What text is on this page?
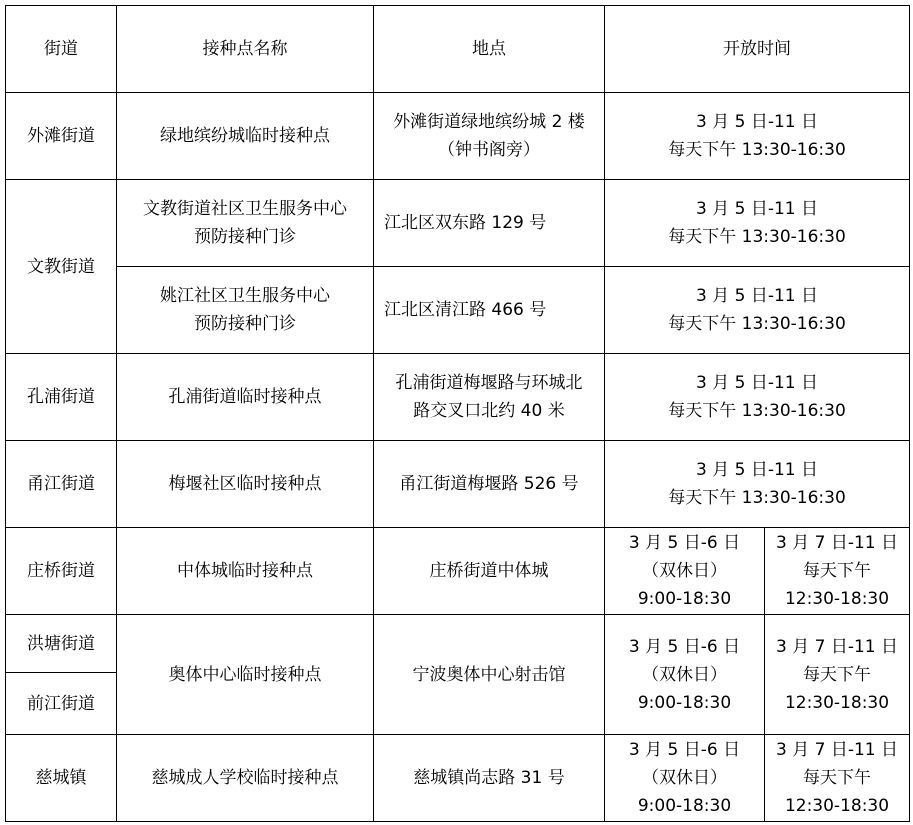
街道	接种点名称	地点	开放时间	
外滩街道	绿地缤纷城临时接种点	外滩街道绿地缤纷城 2 楼
（钟书阁旁）	3 月 5 日-11 日
每天下午 13:30-16:30	

文教街道	文教街道社区卫生服务中心
预防接种门诊	江北区双东路 129 号	3 月 5 日-11 日
每天下午 13:30-16:30	

	姚江社区卫生服务中心
预防接种门诊	江北区清江路 466 号	3 月 5 日-11 日
每天下午 13:30-16:30	

孔浦街道	孔浦街道临时接种点	孔浦街道梅堰路与环城北
路交叉口北约 40 米	3 月 5 日-11 日
每天下午 13:30-16:30	

甬江街道	梅堰社区临时接种点	甬江街道梅堰路 526 号	3 月 5 日-11 日
每天下午 13:30-16:30	

庄桥街道	中体城临时接种点	庄桥街道中体城	3 月 5 日-6 日
（双休日）
9:00-18:30	3 月 7 日-11 日
每天下午
12:30-18:30

洪塘街道	奥体中心临时接种点	宁波奥体中心射击馆	3 月 5 日-6 日
（双休日）
9:00-18:30	3 月 7 日-11 日
每天下午
12:30-18:30

前江街道				
慈城镇	慈城成人学校临时接种点	慈城镇尚志路 31 号	3 月 5 日-6 日
（双休日）
9:00-18:30	3 月 7 日-11 日
每天下午
12:30-18:30
